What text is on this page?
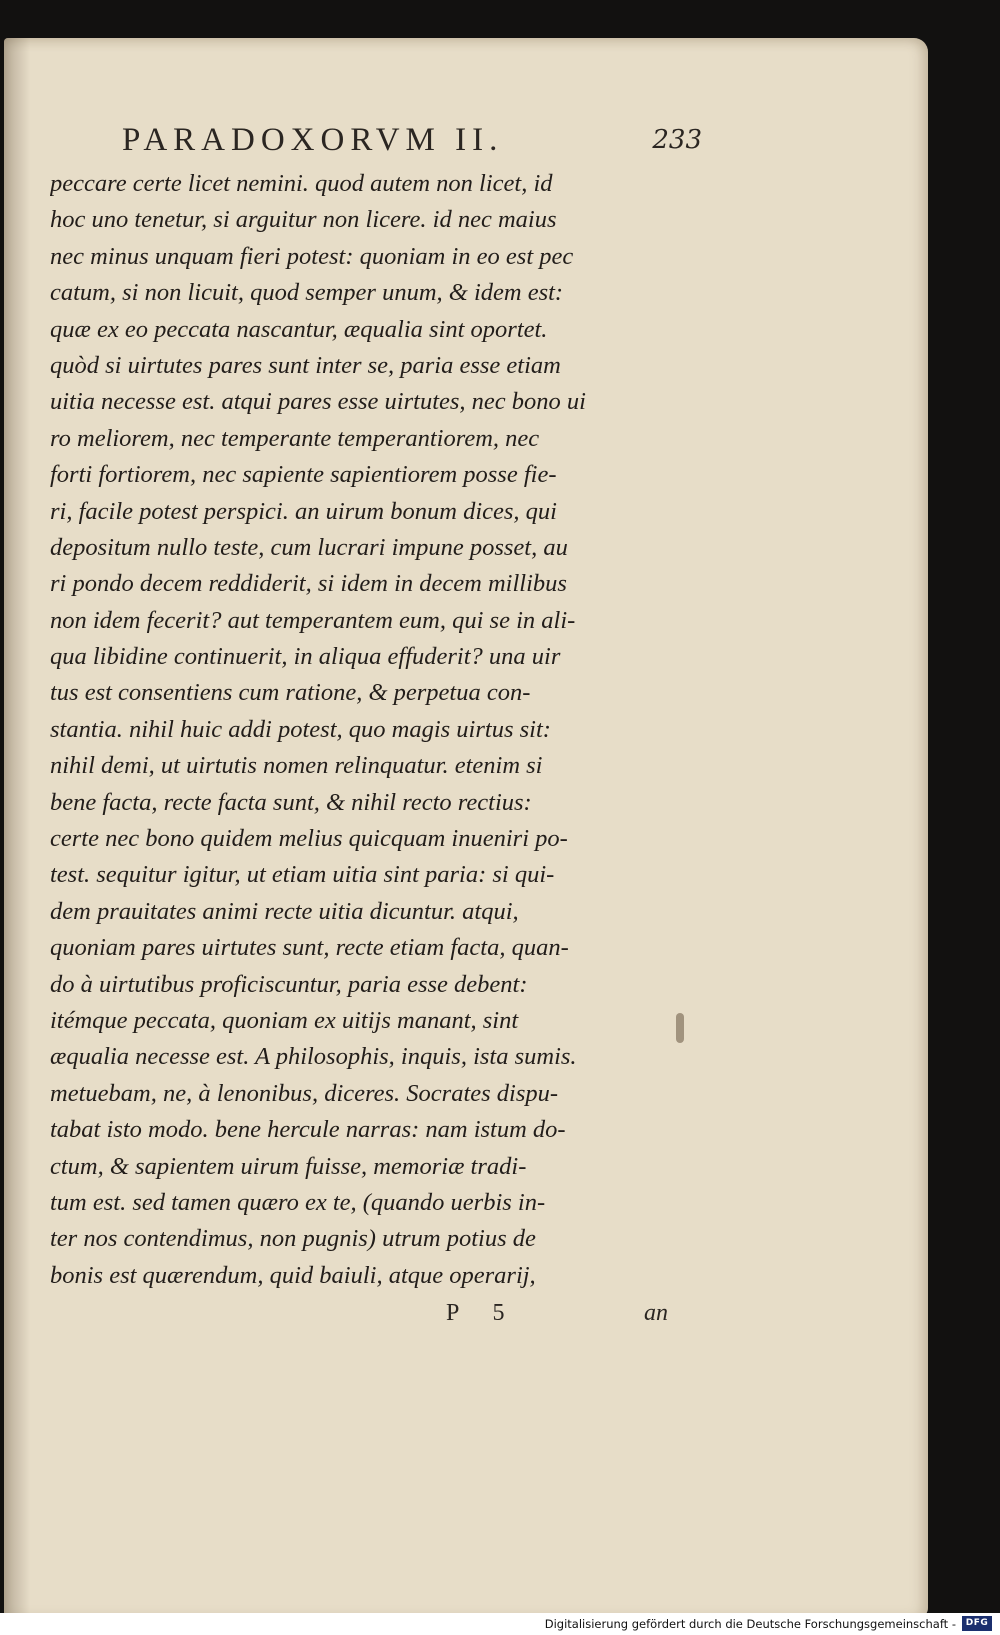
PARADOXORVM II.	233
peccare certe licet nemini. quod autem non licet, id
hoc uno tenetur, si arguitur non licere. id nec maius
nec minus unquam fieri potest: quoniam in eo est pec
catum, si non licuit, quod semper unum, & idem est:
quæ ex eo peccata nascantur, æqualia sint oportet.
quòd si uirtutes pares sunt inter se, paria esse etiam
uitia necesse est. atqui pares esse uirtutes, nec bono ui
ro meliorem, nec temperante temperantiorem, nec
forti fortiorem, nec sapiente sapientiorem posse fie-
ri, facile potest perspici. an uirum bonum dices, qui
depositum nullo teste, cum lucrari impune posset, au
ri pondo decem reddiderit, si idem in decem millibus
non idem fecerit? aut temperantem eum, qui se in ali-
qua libidine continuerit, in aliqua effuderit? una uir
tus est consentiens cum ratione, & perpetua con-
stantia. nihil huic addi potest, quo magis uirtus sit:
nihil demi, ut uirtutis nomen relinquatur. etenim si
bene facta, recte facta sunt, & nihil recto rectius:
certe nec bono quidem melius quicquam inueniri po-
test. sequitur igitur, ut etiam uitia sint paria: si qui-
dem prauitates animi recte uitia dicuntur. atqui,
quoniam pares uirtutes sunt, recte etiam facta, quan-
do à uirtutibus proficiscuntur, paria esse debent:
itémque peccata, quoniam ex uitijs manant, sint
æqualia necesse est. A philosophis, inquis, ista sumis.
metuebam, ne, à lenonibus, diceres. Socrates dispu-
tabat isto modo. bene hercule narras: nam istum do-
ctum, & sapientem uirum fuisse, memoriæ tradi-
tum est. sed tamen quæro ex te, (quando uerbis in-
ter nos contendimus, non pugnis) utrum potius de
bonis est quærendum, quid baiuli, atque operarij,
P 5	an
Digitalisierung gefördert durch die Deutsche Forschungsgemeinschaft -	DFG
